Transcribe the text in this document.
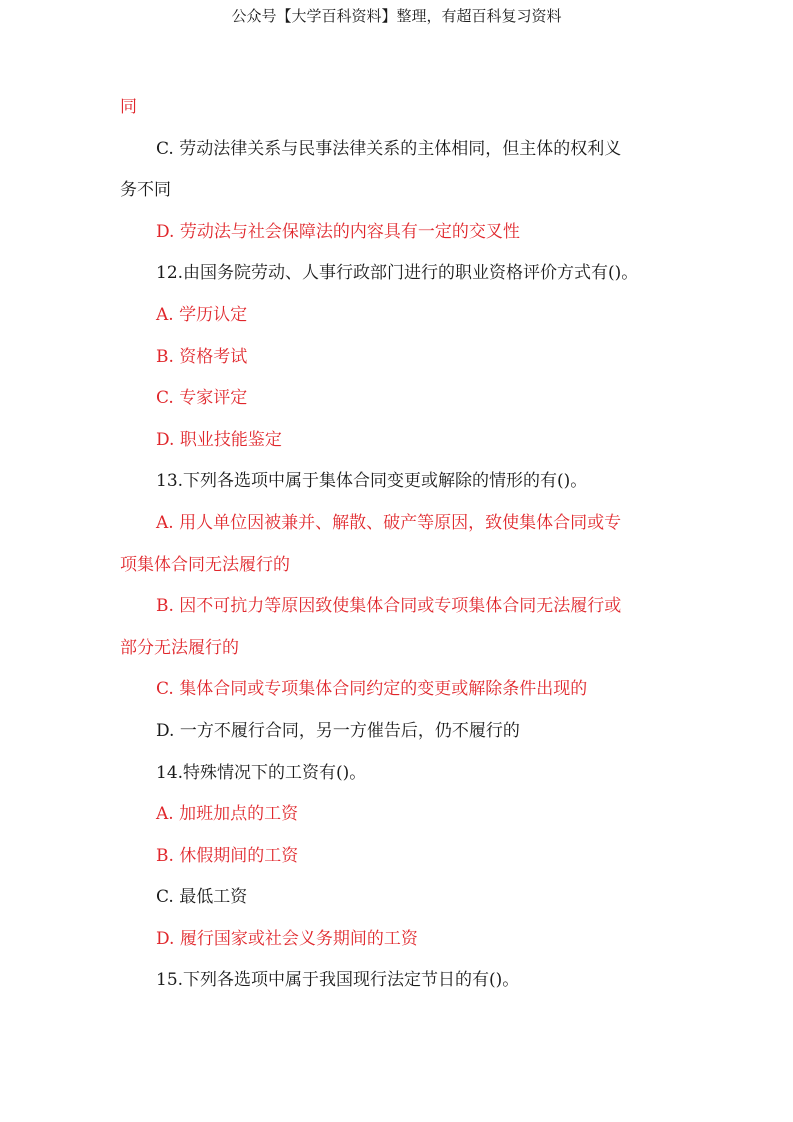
公众号【大学百科资料】整理，有超百科复习资料
同
C. 劳动法律关系与民事法律关系的主体相同，但主体的权利义
务不同
D. 劳动法与社会保障法的内容具有一定的交叉性
12.由国务院劳动、人事行政部门进行的职业资格评价方式有()。
A. 学历认定
B. 资格考试
C. 专家评定
D. 职业技能鉴定
13.下列各选项中属于集体合同变更或解除的情形的有()。
A. 用人单位因被兼并、解散、破产等原因，致使集体合同或专
项集体合同无法履行的
B. 因不可抗力等原因致使集体合同或专项集体合同无法履行或
部分无法履行的
C. 集体合同或专项集体合同约定的变更或解除条件出现的
D. 一方不履行合同，另一方催告后，仍不履行的
14.特殊情况下的工资有()。
A. 加班加点的工资
B. 休假期间的工资
C. 最低工资
D. 履行国家或社会义务期间的工资
15.下列各选项中属于我国现行法定节日的有()。
